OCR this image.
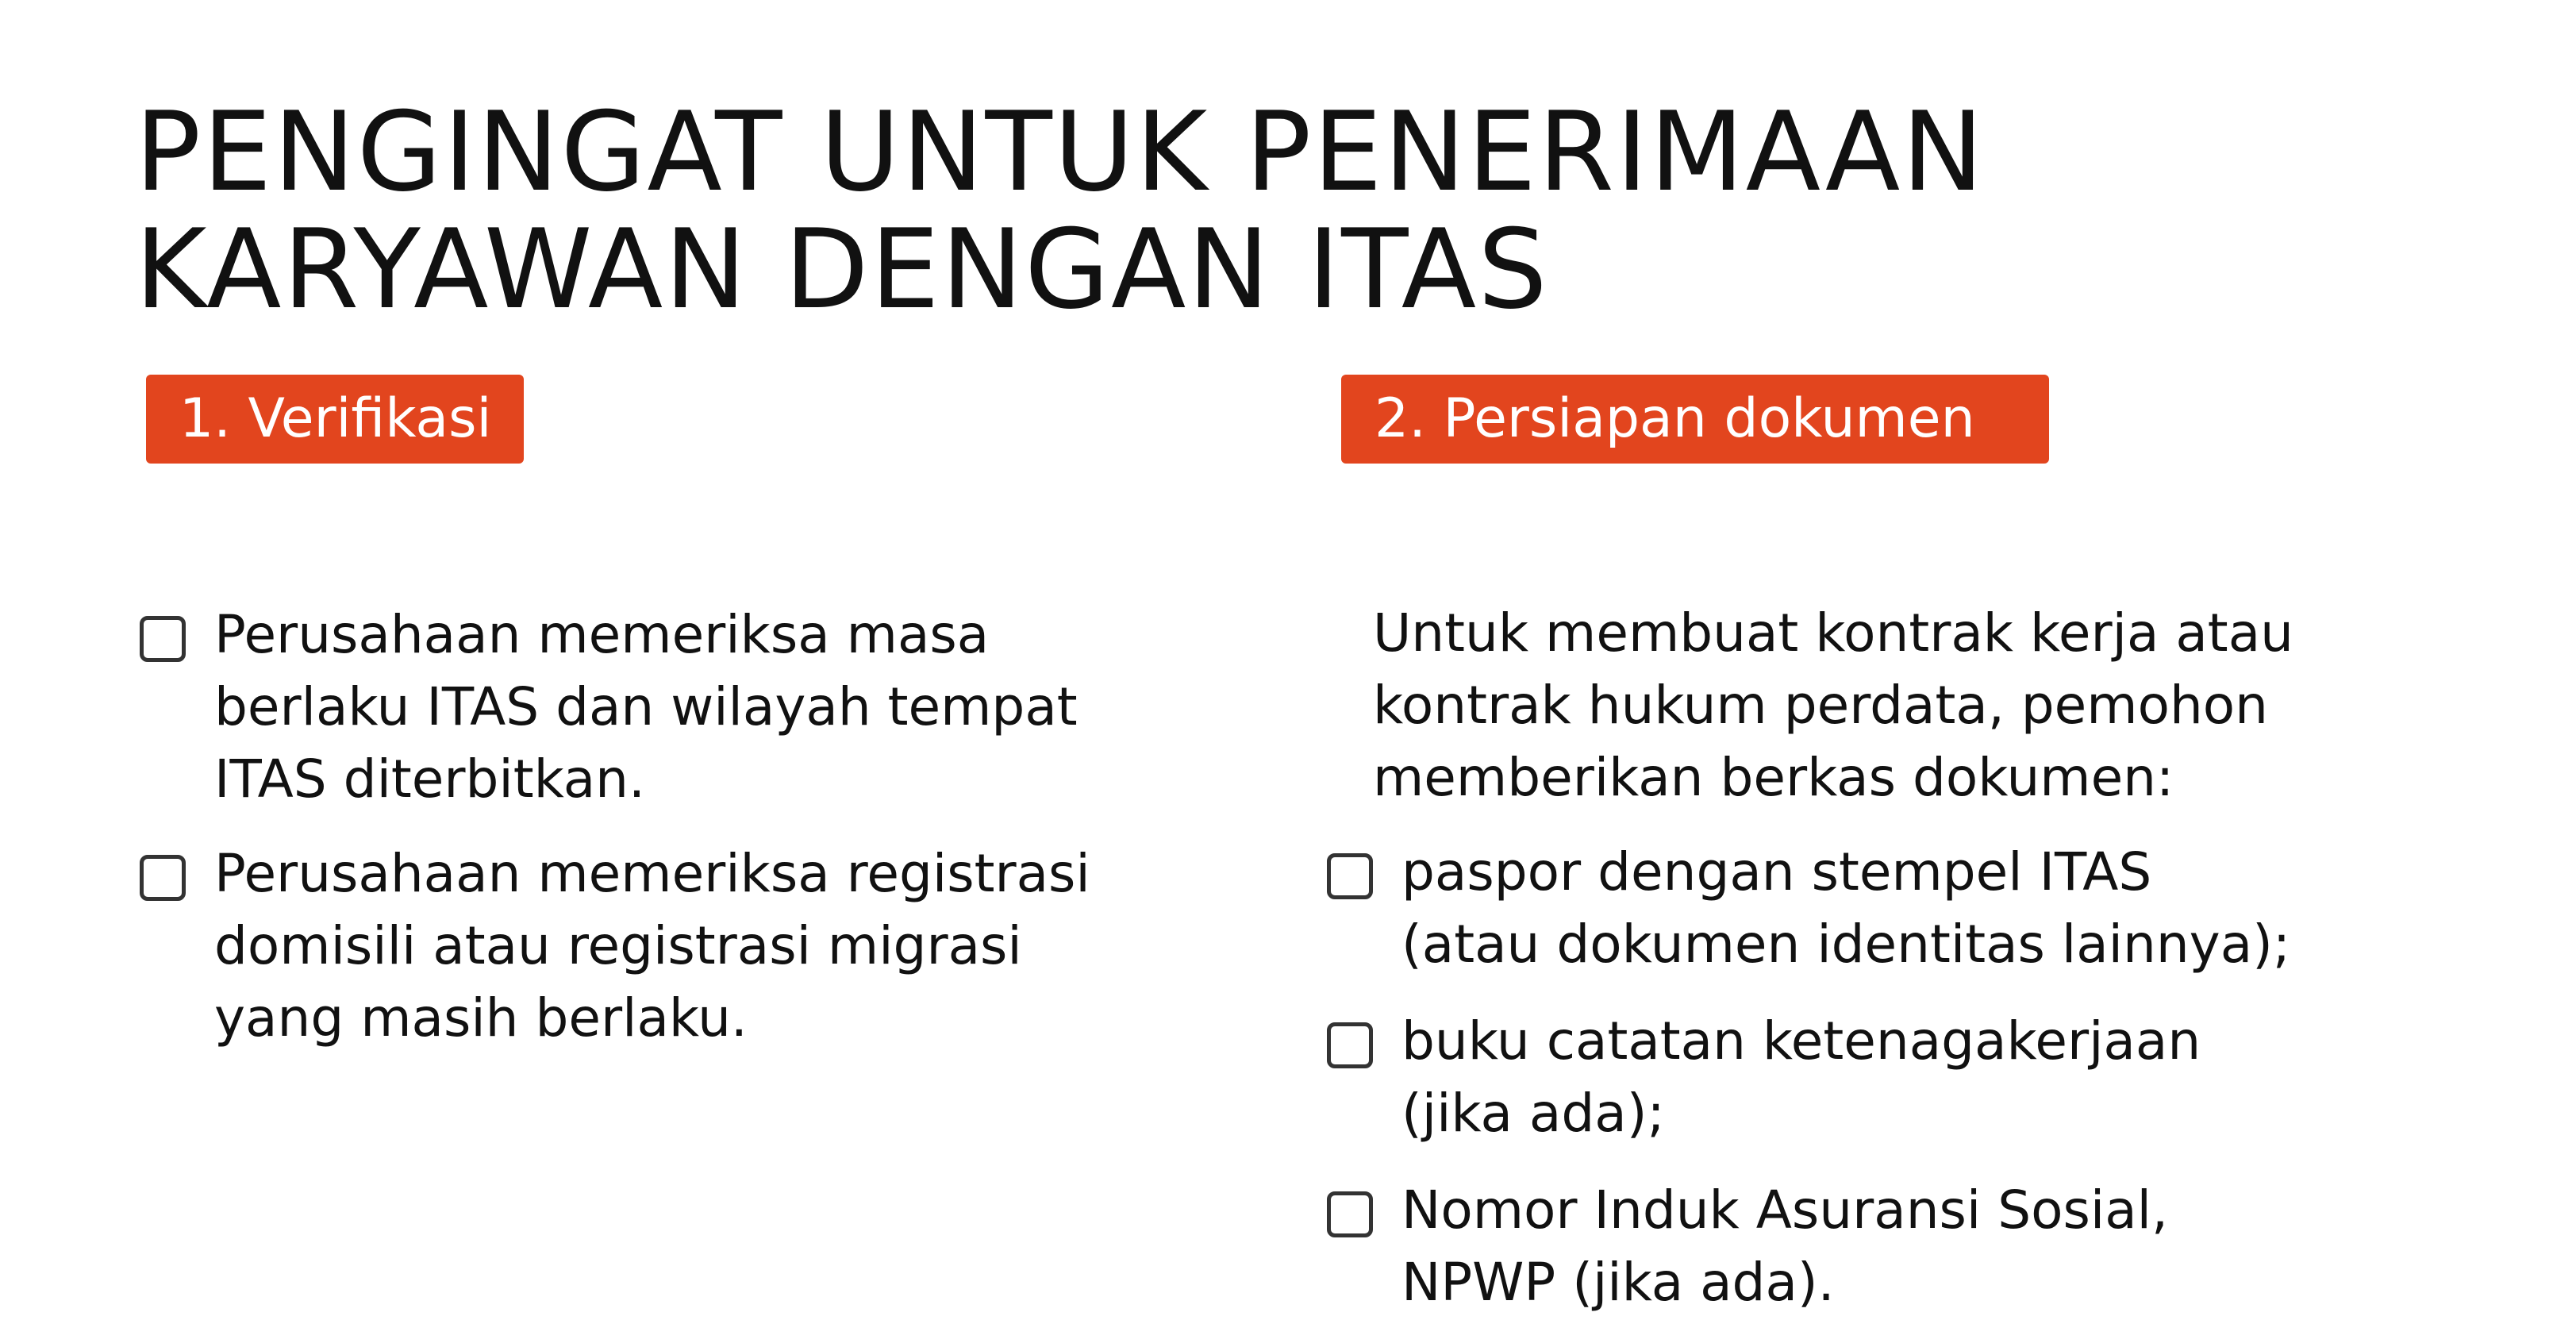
PENGINGAT UNTUK PENERIMAAN
KARYAWAN DENGAN ITAS
1. Verifikasi
Perusahaan memeriksa masa
berlaku ITAS dan wilayah tempat
ITAS diterbitkan.
Perusahaan memeriksa registrasi
domisili atau registrasi migrasi
yang masih berlaku.
2. Persiapan dokumen

Untuk membuat kontrak kerja atau
kontrak hukum perdata, pemohon
memberikan berkas dokumen:

paspor dengan stempel ITAS
(atau dokumen identitas lainnya);
buku catatan ketenagakerjaan
(jika ada);
Nomor Induk Asuransi Sosial,
NPWP (jika ada).
